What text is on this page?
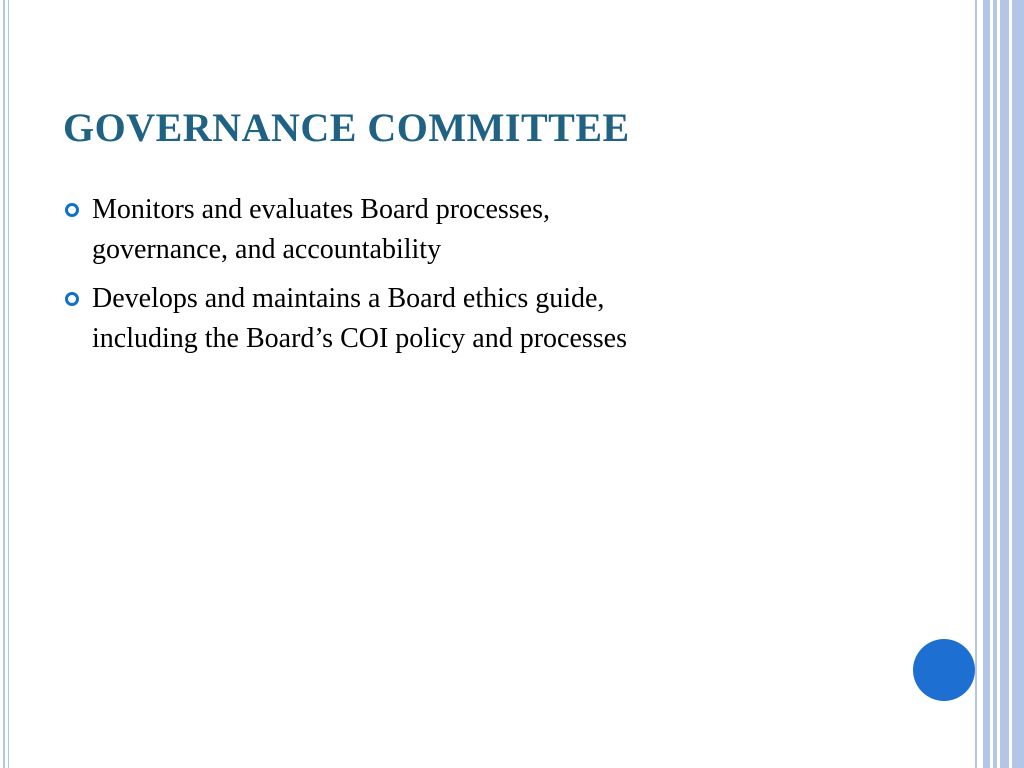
GOVERNANCE COMMITTEE
Monitors and evaluates Board processes,
governance, and accountability
Develops and maintains a Board ethics guide,
including the Board’s COI policy and processes
